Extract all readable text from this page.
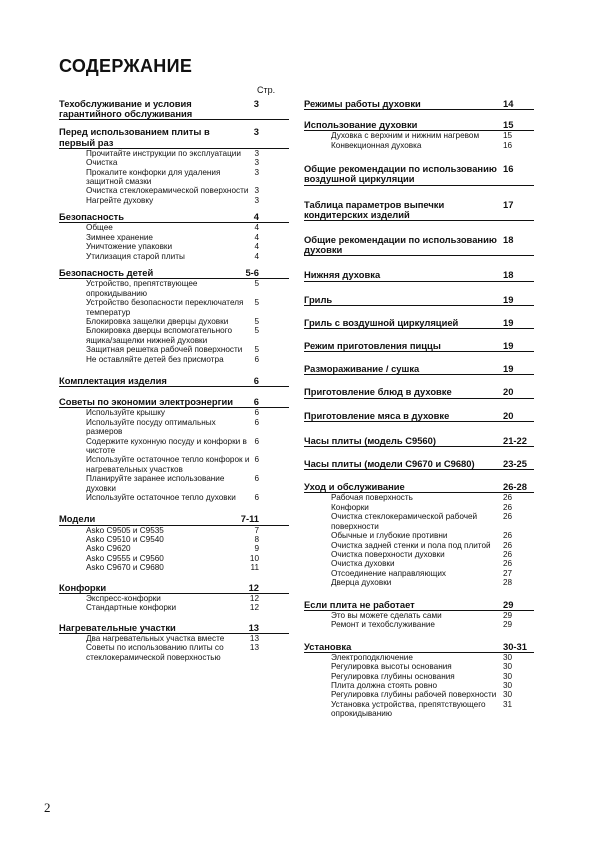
СОДЕРЖАНИЕ
Стр.
Техобслуживание и условия гарантийного обслуживания
3
Перед использованием плиты в первый раз
3
Прочитайте инструкции по эксплуатации	3
Очистка	3
Прокалите конфорки для удаления защитной смазки
3
Очистка стеклокерамической поверхности 3
Нагрейте духовку	3
Безопасность	4
Общее	4
Зимнее хранение	4
Уничтожение упаковки	4
Утилизация старой плиты	4
Безопасность детей	5-6
Устройство, препятствующее опрокидыванию
5
Устройство безопасности переключателя температур
5
Блокировка защелки дверцы духовки	5
Блокировка дверцы вспомогательного ящика/защелки нижней духовки
5
Защитная решетка рабочей поверхности	5
Не оставляйте детей без присмотра	6
Комплектация изделия	6
Советы по экономии электроэнергии	6
Используйте крышку	6
Используйте посуду оптимальных размеров
6
Содержите кухонную посуду и конфорки в чистоте
6
Используйте остаточное тепло конфорок и нагревательных участков
6
Планируйте заранее использование духовки
6
Используйте остаточное тепло духовки	6
Модели	7-11
Asko C9505 и C9535	7
Asko C9510 и C9540	8
Asko C9620	9
Asko C9555 и C9560	10
Asko C9670 и C9680	11
Конфорки	12
Экспресс-конфорки	12
Стандартные конфорки	12
Нагревательные участки	13
Два нагревательных участка вместе	13
Советы по использованию плиты со стеклокерамической поверхностью
13
Режимы работы духовки	14
Использование духовки	15
Духовка с верхним и нижним нагревом	15
Конвекционная духовка	16
Общие рекомендации по использованию воздушной циркуляции
16
Таблица параметров выпечки кондитерских изделий
17
Общие рекомендации по использованию духовки
18
Нижняя духовка	18
Гриль	19
Гриль с воздушной циркуляцией	19
Режим приготовления пиццы	19
Размораживание / сушка	19
Приготовление блюд в духовке	20
Приготовление мяса в духовке	20
Часы плиты (модель C9560)	21-22
Часы плиты (модели C9670 и C9680)	23-25
Уход и обслуживание	26-28
Рабочая поверхность	26
Конфорки	26
Очистка стеклокерамической рабочей поверхности
26
Обычные и глубокие противни	26
Очистка задней стенки и пола под плитой	26
Очистка поверхности духовки	26
Очистка духовки	26
Отсоединение направляющих	27
Дверца духовки	28
Если плита не работает	29
Это вы можете сделать сами	29
Ремонт и техобслуживание	29
Установка	30-31
Электроподключение	30
Регулировка высоты основания	30
Регулировка глубины основания	30
Плита должна стоять ровно	30
Регулировка глубины рабочей поверхности 30
Установка устройства, препятствующего опрокидыванию
31
2
